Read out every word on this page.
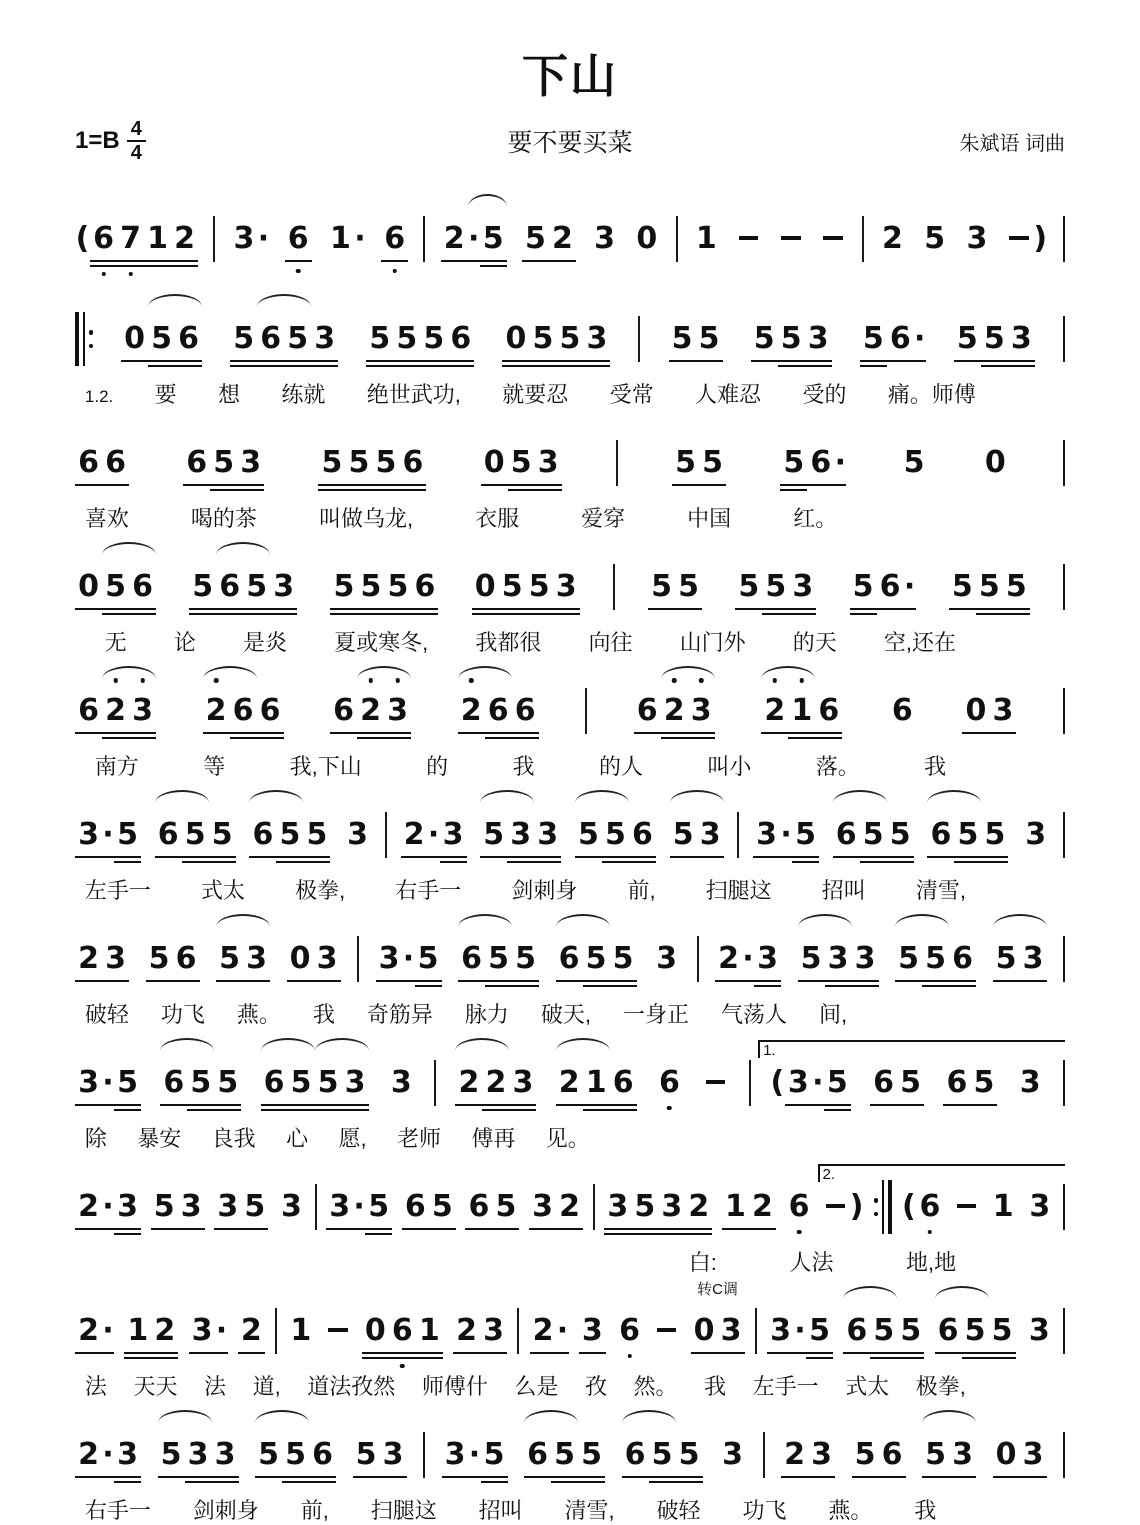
下山
$1=B \frac{4}{4}$	要不要买菜	朱斌语 词曲
( 6 7 1 2 3 · 6 1 · 6 2 · 5 5 2 3 0 1	2 5 3 )
0 5 6 5 6 5 3 5 5 5 6 0 5 5 3 5 5 5 5 3 5 6 · 5 5 3
1.2. 要 想 练就 绝世武功, 就要忍 受常 人难忍 受的 痛。师傅
6 6 6 5 3 5 5 5 6 0 5 3	5 5 5 6 · 5 0
喜欢	喝的茶	叫做乌龙,	衣服	爱穿	中国	红。
0 5 6 5 6 5 3 5 5 5 6 0 5 5 3 5 5 5 5 3 5 6 · 5 5 5
无 论 是炎 夏或寒冬, 我都很 向往 山门外 的天 空,还在
6 2 3 2 6 6 6 2 3 2 6 6	6 2 3 2 1 6 6 0 3
南方	等	我,下山	的	我	的人	叫小	落。	我
3 · 5 6 5 5 6 5 5 3 2 · 3 5 3 3 5 5 6 5 3 3 · 5 6 5 5 6 5 5 3
左手一 式太 极拳, 右手一 剑刺身 前, 扫腿这 招叫 清雪,
2 3 5 6 5 3 0 3 3 · 5 6 5 5 6 5 5 3 2 · 3 5 3 3 5 5 6 5 3
破轻 功飞 燕。 我 奇筋异 脉力 破天, 一身正 气荡人 间,
3 · 5 6 5 5 6 5 5 3 3 2 2 3 2 1 6 6	( 3 · 5 6 5 6 5 3
1.
除 暴安 良我 心 愿, 老师 傅再 见。
2 · 3 5 3 3 5 3 3 · 5 6 5 6 5 3 2 3 5 3 2 1 2 6 ) ( 6 1 3
2.
白:	人法	地,地
2 · 1 2 3 · 2 1 0 6 1 2 3 2 · 3 6 0 3
转C调
3 · 5 6 5 5 6 5 5 3
法 天天 法 道, 道法孜然 师傅什 么是 孜 然。 我 左手一 式太 极拳,
2 · 3 5 3 3 5 5 6 5 3 3 · 5 6 5 5 6 5 5 3 2 3 5 6 5 3 0 3
右手一 剑刺身 前, 扫腿这 招叫 清雪, 破轻 功飞 燕。 我
